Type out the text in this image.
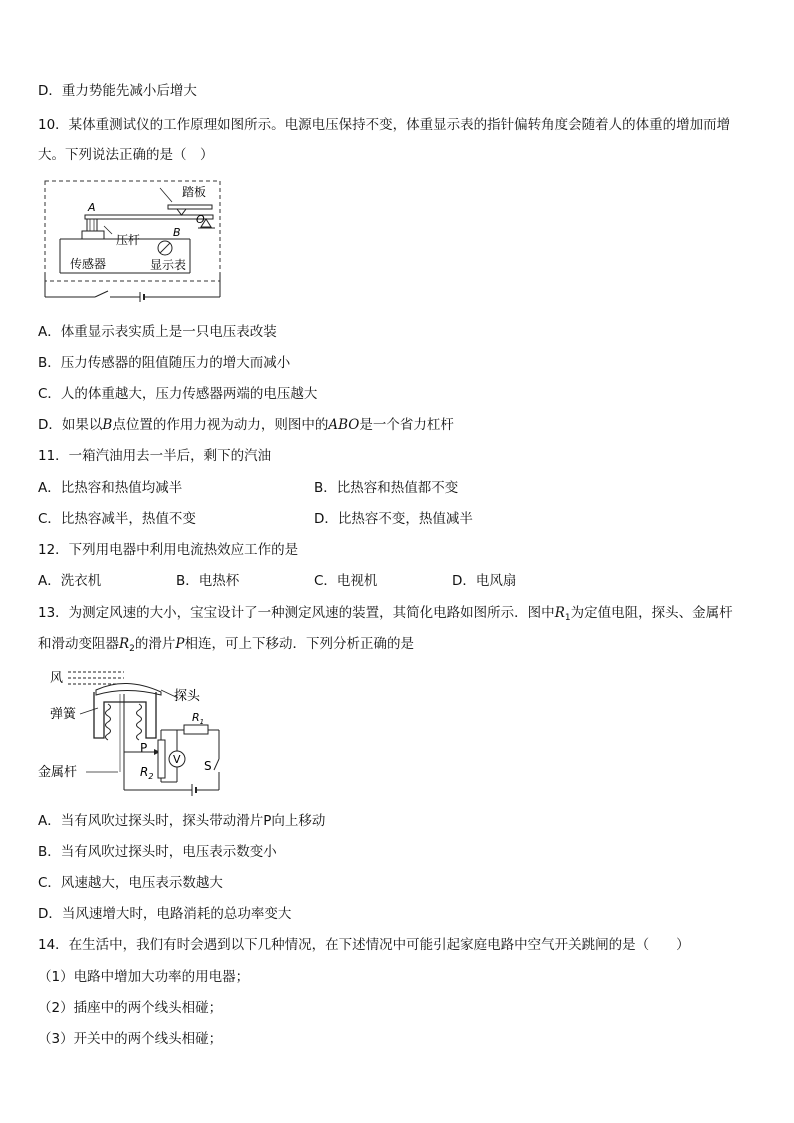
D．重力势能先减小后增大
10．某体重测试仪的工作原理如图所示。电源电压保持不变，体重显示表的指针偏转角度会随着人的体重的增加而增
大。下列说法正确的是（　）
踏板
A
B
O
压杆
传感器	显示表
A．体重显示表实质上是一只电压表改装
B．压力传感器的阻值随压力的增大而减小
C．人的体重越大，压力传感器两端的电压越大
D．如果以B点位置的作用力视为动力，则图中的ABO是一个省力杠杆
11．一箱汽油用去一半后，剩下的汽油
A．比热容和热值均减半	B．比热容和热值都不变
C．比热容减半，热值不变	D．比热容不变，热值减半
12．下列用电器中利用电流热效应工作的是
A．洗衣机	B．电热杯	C．电视机	D．电风扇
13．为测定风速的大小，宝宝设计了一种测定风速的装置，其简化电路如图所示．图中$R_1$为定值电阻，探头、金属杆
和滑动变阻器$R_2$的滑片P相连，可上下移动．下列分析正确的是
风
探头
弹簧
P
$R_2$
$R_1$
S
V
金属杆
A．当有风吹过探头时，探头带动滑片P向上移动
B．当有风吹过探头时，电压表示数变小
C．风速越大，电压表示数越大
D．当风速增大时，电路消耗的总功率变大
14．在生活中，我们有时会遇到以下几种情况，在下述情况中可能引起家庭电路中空气开关跳闸的是（　　）
（1）电路中增加大功率的用电器；
（2）插座中的两个线头相碰；
（3）开关中的两个线头相碰；
